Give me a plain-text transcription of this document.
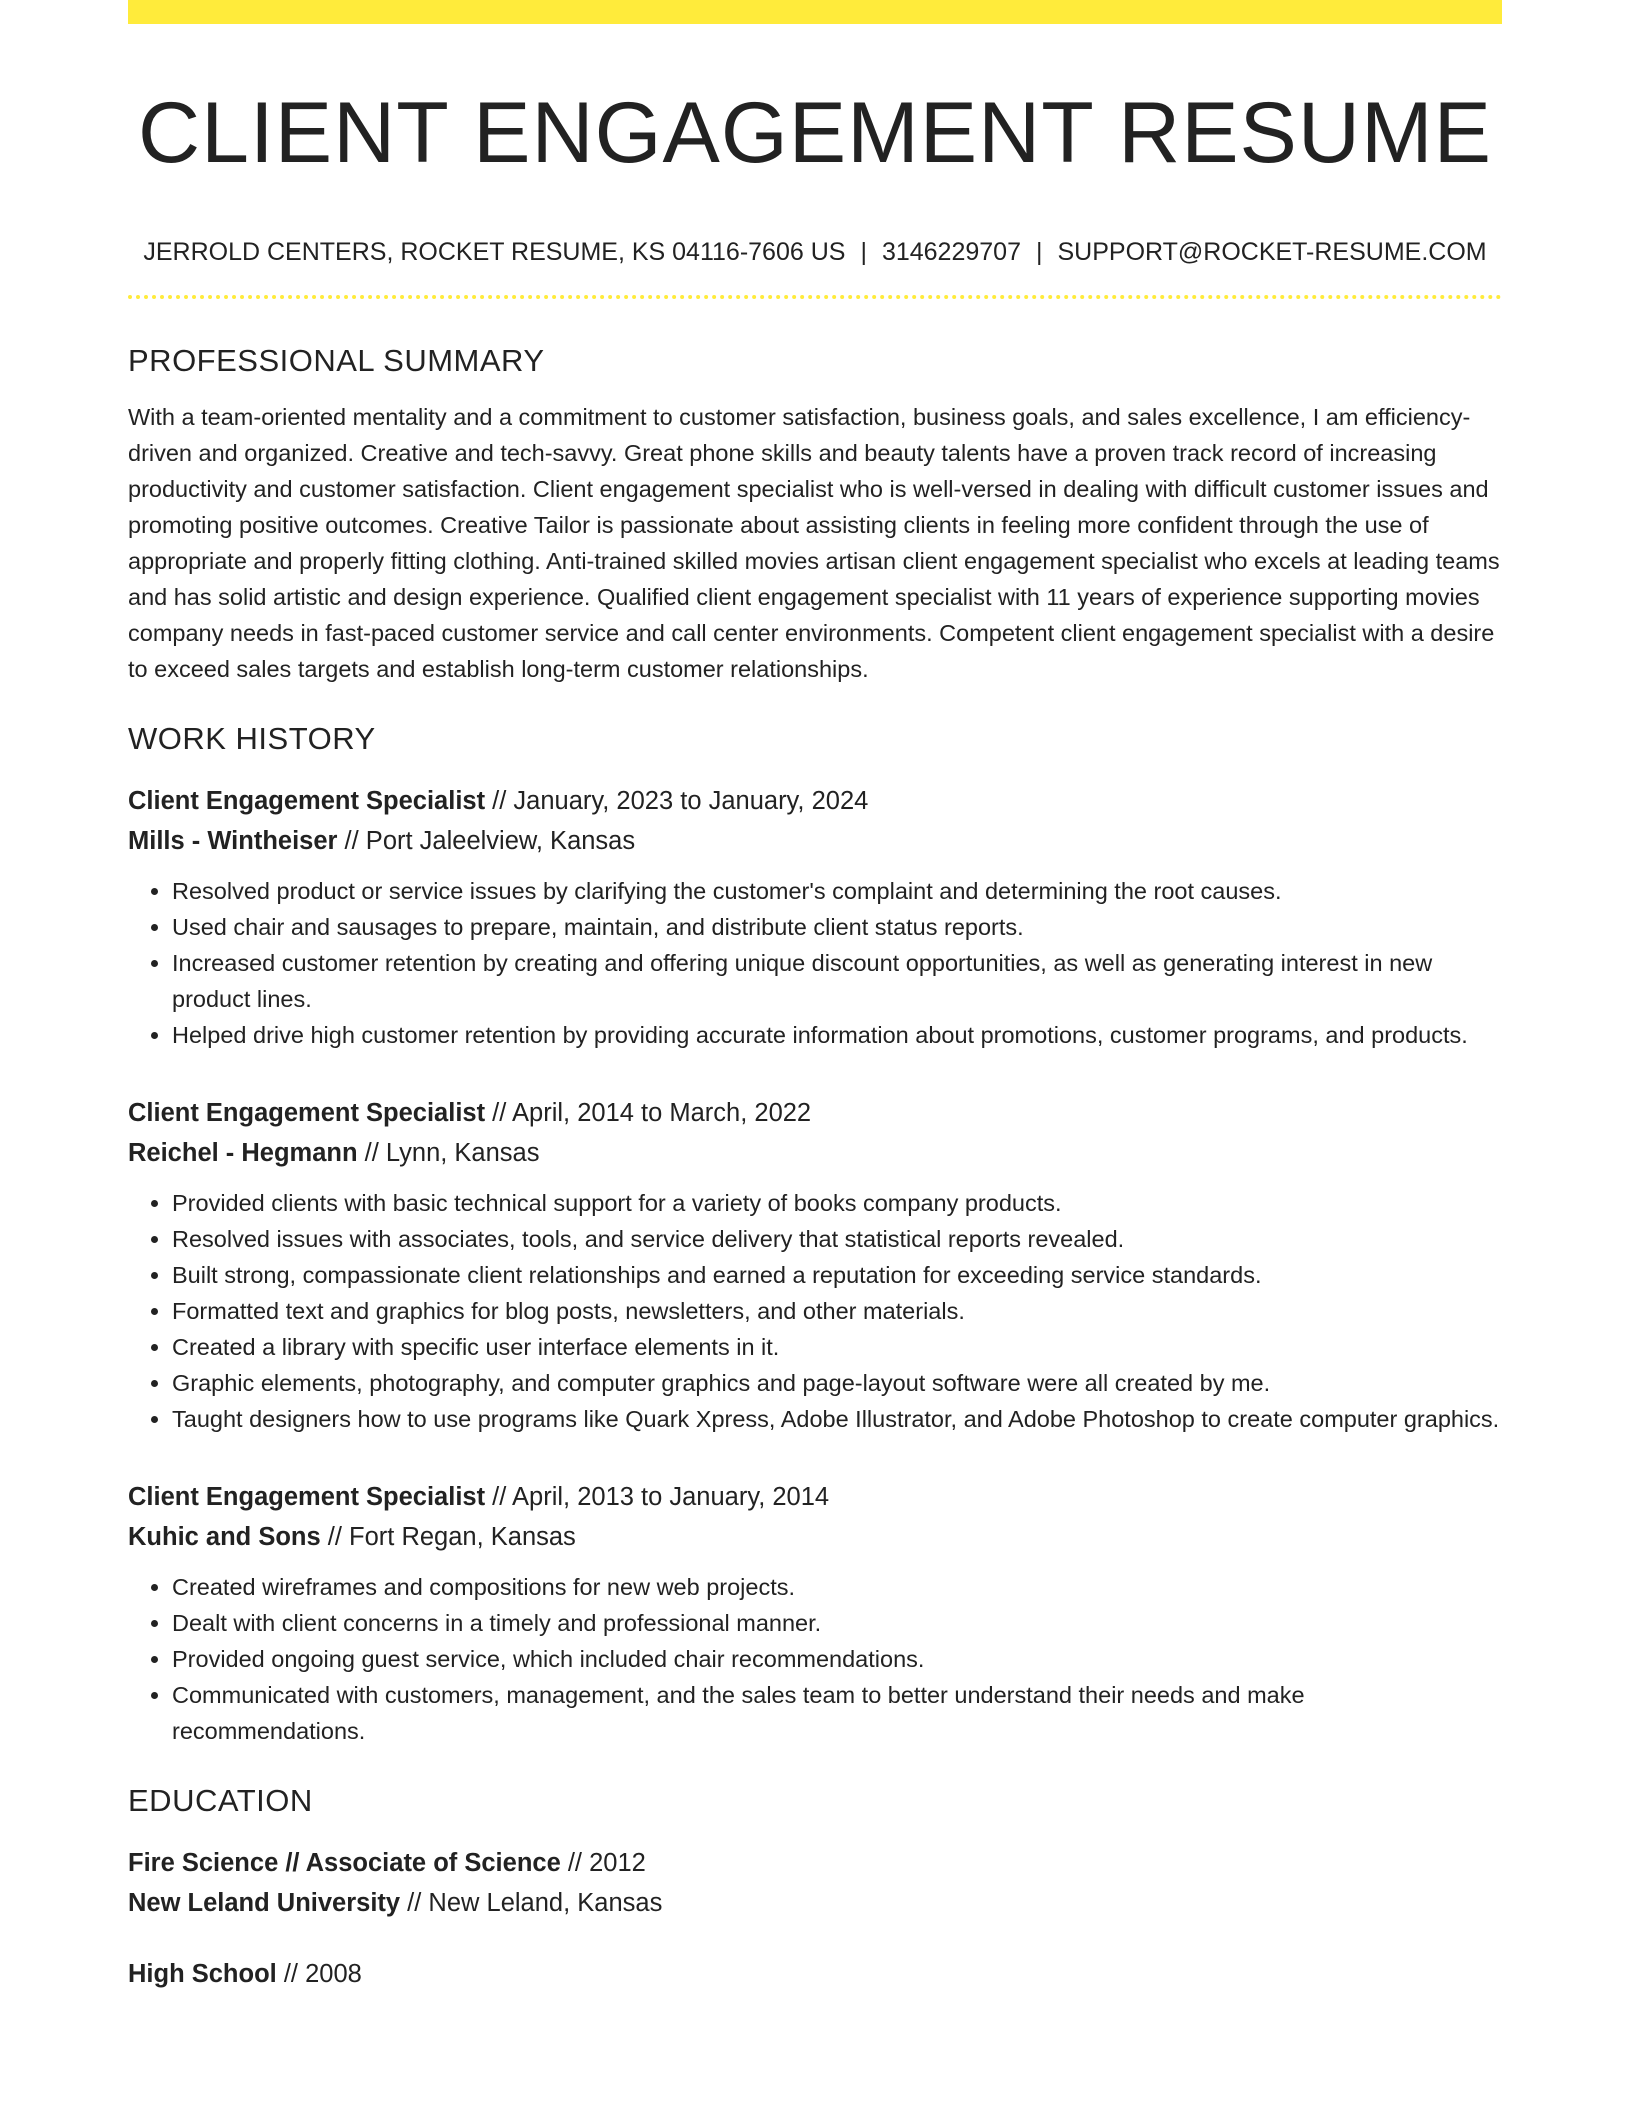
CLIENT ENGAGEMENT RESUME
JERROLD CENTERS, ROCKET RESUME, KS 04116-7606 US | 3146229707 | SUPPORT@ROCKET-RESUME.COM
PROFESSIONAL SUMMARY

With a team-oriented mentality and a commitment to customer satisfaction, business goals, and sales excellence, I am efficiency-driven and organized. Creative and tech-savvy. Great phone skills and beauty talents have a proven track record of increasing productivity and customer satisfaction. Client engagement specialist who is well-versed in dealing with difficult customer issues and promoting positive outcomes. Creative Tailor is passionate about assisting clients in feeling more confident through the use of appropriate and properly fitting clothing. Anti-trained skilled movies artisan client engagement specialist who excels at leading teams and has solid artistic and design experience. Qualified client engagement specialist with 11 years of experience supporting movies company needs in fast-paced customer service and call center environments. Competent client engagement specialist with a desire to exceed sales targets and establish long-term customer relationships.

WORK HISTORY
Client Engagement Specialist // January, 2023 to January, 2024
Mills - Wintheiser // Port Jaleelview, Kansas
• Resolved product or service issues by clarifying the customer's complaint and determining the root causes.
• Used chair and sausages to prepare, maintain, and distribute client status reports.
• Increased customer retention by creating and offering unique discount opportunities, as well as generating interest in new product lines.
• Helped drive high customer retention by providing accurate information about promotions, customer programs, and products.
Client Engagement Specialist // April, 2014 to March, 2022
Reichel - Hegmann // Lynn, Kansas
• Provided clients with basic technical support for a variety of books company products.
• Resolved issues with associates, tools, and service delivery that statistical reports revealed.
• Built strong, compassionate client relationships and earned a reputation for exceeding service standards.
• Formatted text and graphics for blog posts, newsletters, and other materials.
• Created a library with specific user interface elements in it.
• Graphic elements, photography, and computer graphics and page-layout software were all created by me.
• Taught designers how to use programs like Quark Xpress, Adobe Illustrator, and Adobe Photoshop to create computer graphics.
Client Engagement Specialist // April, 2013 to January, 2014
Kuhic and Sons // Fort Regan, Kansas
• Created wireframes and compositions for new web projects.
• Dealt with client concerns in a timely and professional manner.
• Provided ongoing guest service, which included chair recommendations.
• Communicated with customers, management, and the sales team to better understand their needs and make recommendations.
EDUCATION
Fire Science // Associate of Science // 2012
New Leland University // New Leland, Kansas
High School // 2008
